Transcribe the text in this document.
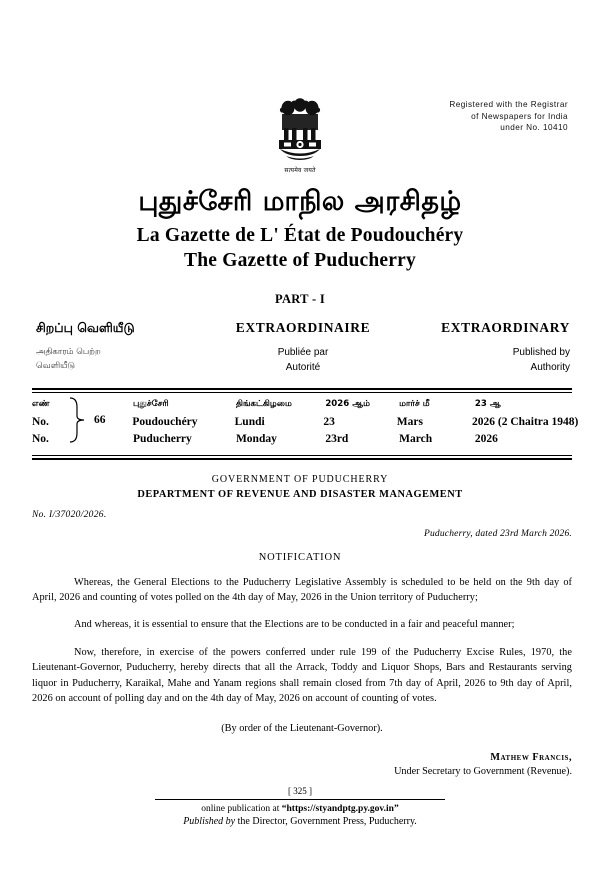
Registered with the Registrar
of Newspapers for India
under No. 10410
सत्यमेव जयते
புதுச்சேரி மாநில அரசிதழ்
La Gazette de L' État de Poudouchéry
The Gazette of Puducherry
PART - I
சிறப்பு வெளியீடு	EXTRAORDINAIRE	EXTRAORDINARY
அதிகாரம் பெற்ற
வெளியீடு
Publiée par
Autorité
Published by
Authority
66
எண்	புதுச்சேரி	திங்கட்கிழமை	2026 ஆம்	மார்ச் மீ	23 ஆ
No.	Poudouchéry	Lundi	23	Mars	2026 (2 Chaitra 1948)
No.	Puducherry	Monday	23rd	March	2026
GOVERNMENT OF PUDUCHERRY
DEPARTMENT OF REVENUE AND DISASTER MANAGEMENT
No. I/37020/2026.
Puducherry, dated 23rd March 2026.
NOTIFICATION
Whereas, the General Elections to the Puducherry Legislative Assembly is scheduled to be held on the 9th day of April, 2026 and counting of votes polled on the 4th day of May, 2026 in the Union territory of Puducherry;
And whereas, it is essential to ensure that the Elections are to be conducted in a fair and peaceful manner;
Now, therefore, in exercise of the powers conferred under rule 199 of the Puducherry Excise Rules, 1970, the Lieutenant-Governor, Puducherry, hereby directs that all the Arrack, Toddy and Liquor Shops, Bars and Restaurants serving liquor in Puducherry, Karaikal, Mahe and Yanam regions shall remain closed from 7th day of April, 2026 to 9th day of April, 2026 on account of polling day and on the 4th day of May, 2026 on account of counting of votes.
(By order of the Lieutenant-Governor).
Mathew Francis,
Under Secretary to Government (Revenue).
[ 325 ]
online publication at “https://styandptg.py.gov.in”
Published by the Director, Government Press, Puducherry.
